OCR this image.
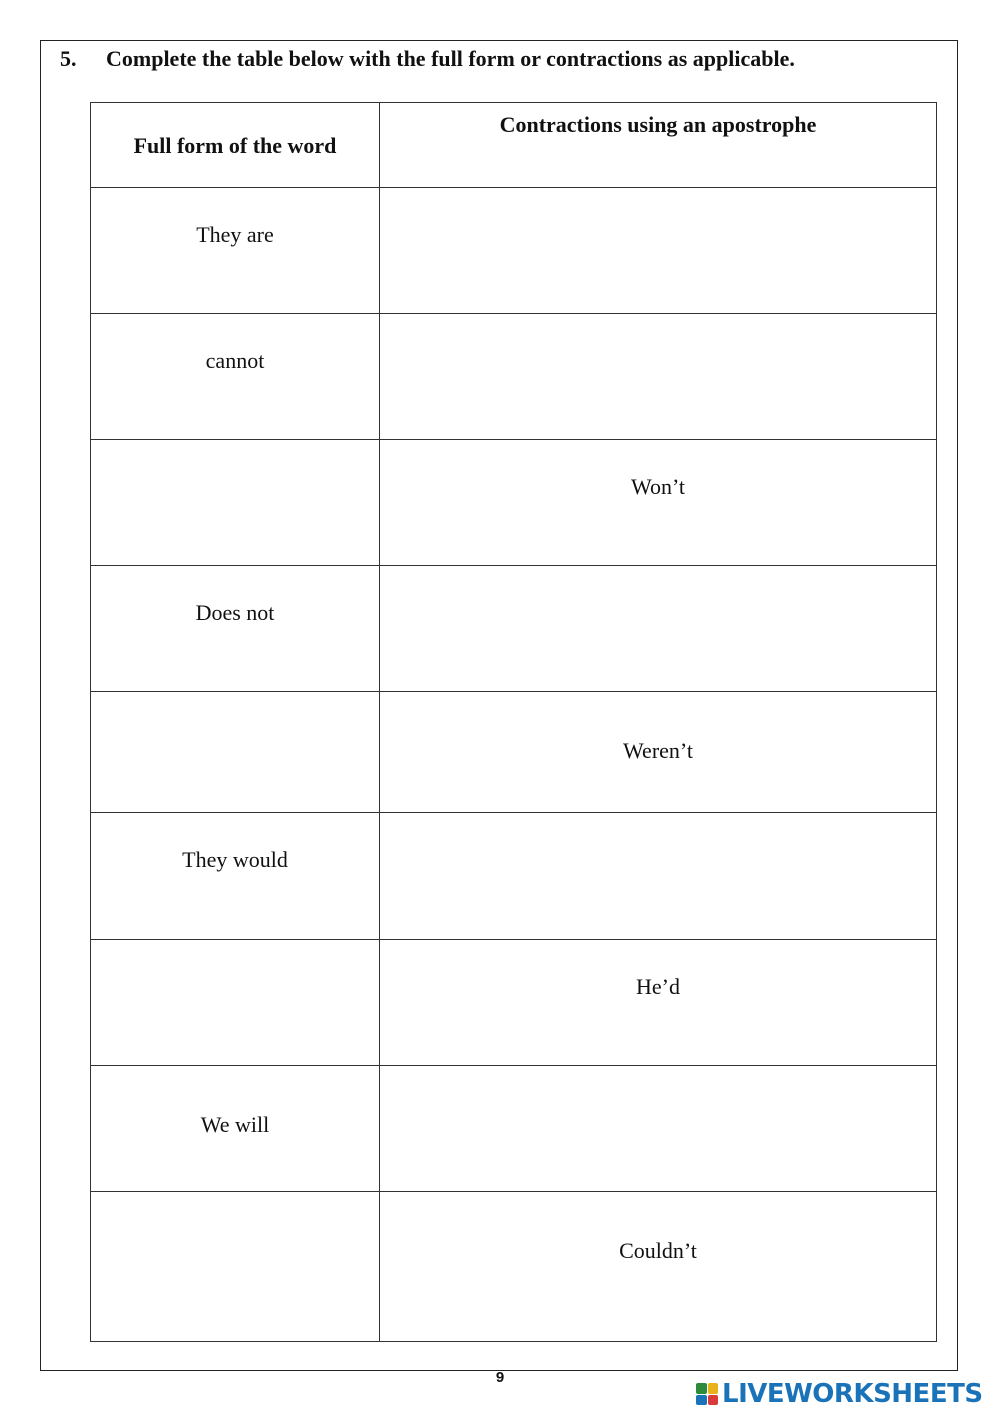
5. Complete the table below with the full form or contractions as applicable.
Full form of the word	Contractions using an apostrophe

They are	

cannot	

	Won’t

Does not	

	Weren’t

They would	

	He’d

We will	

	Couldn’t
9
LIVEWORKSHEETS
